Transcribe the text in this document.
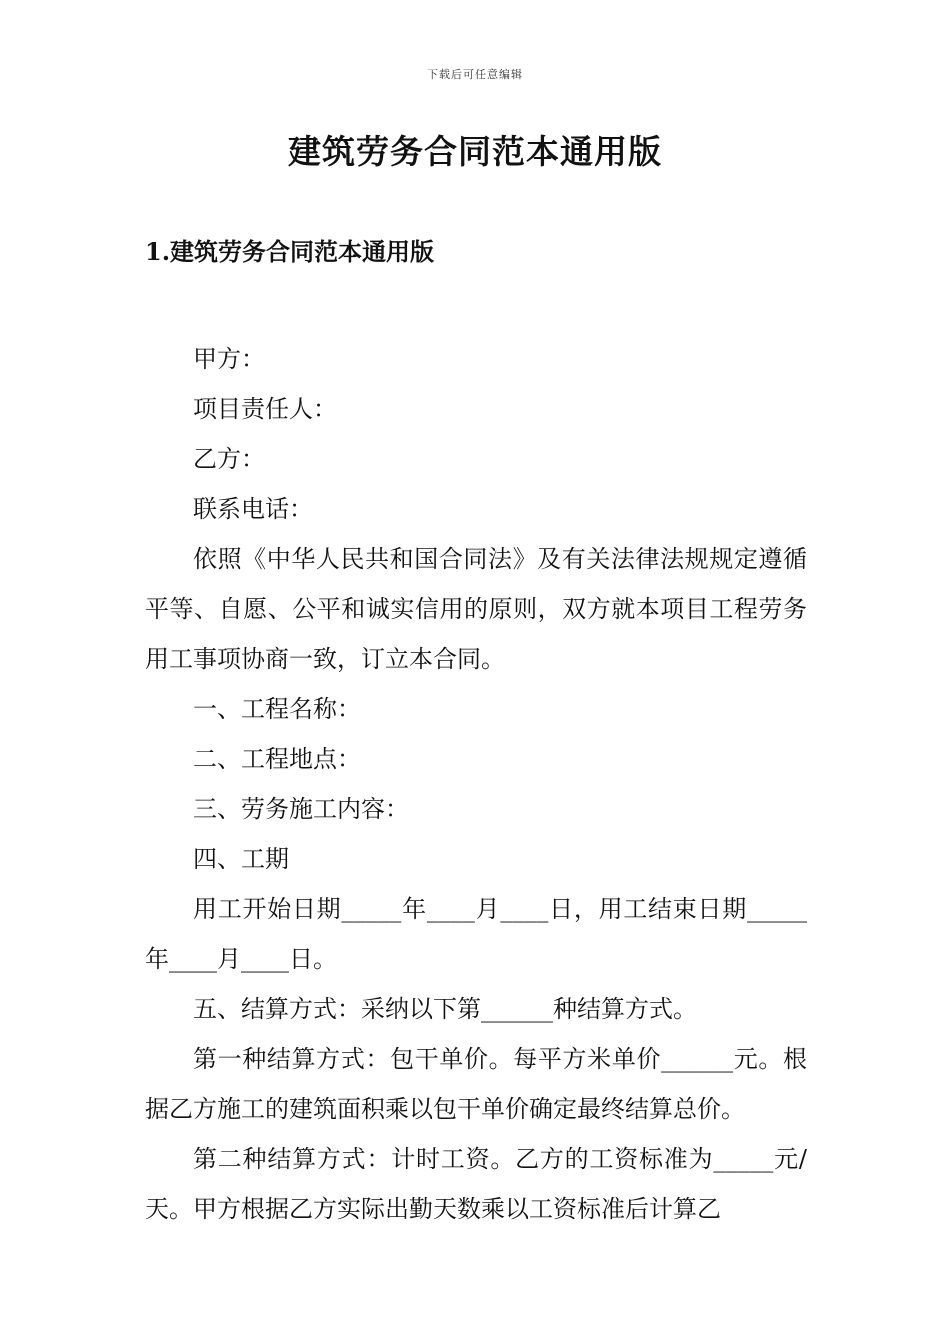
下载后可任意编辑
建筑劳务合同范本通用版
1.建筑劳务合同范本通用版

甲方：

项目责任人：

乙方：

联系电话：

依照《中华人民共和国合同法》及有关法律法规规定遵循平等、自愿、公平和诚实信用的原则，双方就本项目工程劳务用工事项协商一致，订立本合同。

一、工程名称：

二、工程地点：

三、劳务施工内容：

四、工期

用工开始日期_____年____月____日，用工结束日期_____年____月____日。

五、结算方式：采纳以下第______种结算方式。

第一种结算方式：包干单价。每平方米单价______元。根据乙方施工的建筑面积乘以包干单价确定最终结算总价。

第二种结算方式：计时工资。乙方的工资标准为_____元/天。甲方根据乙方实际出勤天数乘以工资标准后计算乙
